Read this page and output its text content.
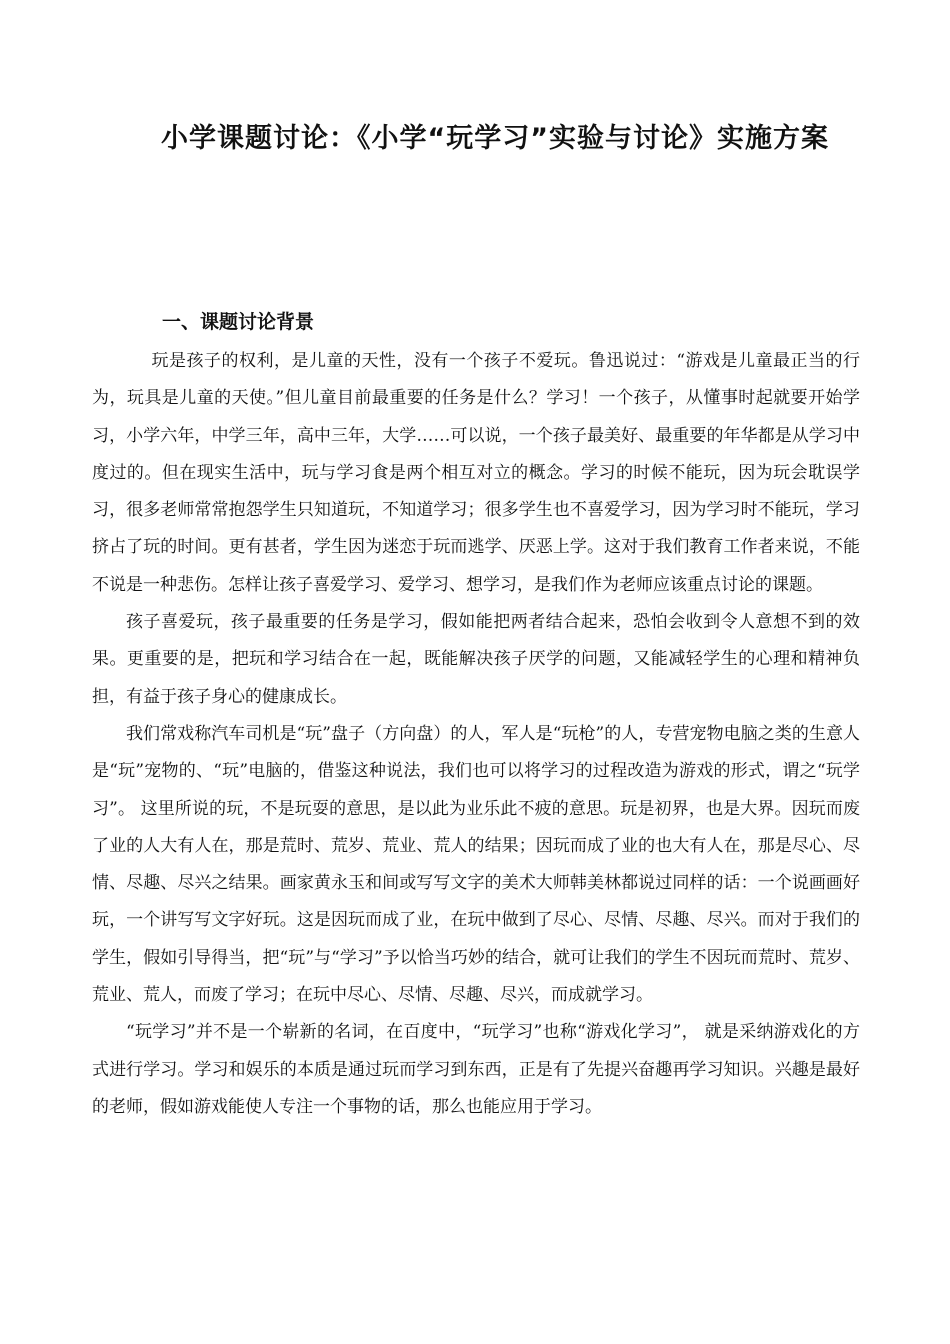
小学课题讨论：《小学“玩学习”实验与讨论》实施方案
一、课题讨论背景

玩是孩子的权利，是儿童的天性，没有一个孩子不爱玩。鲁迅说过：“游戏是儿童最正当的行为，玩具是儿童的天使。”但儿童目前最重要的任务是什么？学习！一个孩子，从懂事时起就要开始学习，小学六年，中学三年，高中三年，大学……可以说，一个孩子最美好、最重要的年华都是从学习中度过的。但在现实生活中，玩与学习食是两个相互对立的概念。学习的时候不能玩，因为玩会耽误学习，很多老师常常抱怨学生只知道玩，不知道学习；很多学生也不喜爱学习，因为学习时不能玩，学习挤占了玩的时间。更有甚者，学生因为迷恋于玩而逃学、厌恶上学。这对于我们教育工作者来说，不能不说是一种悲伤。怎样让孩子喜爱学习、爱学习、想学习，是我们作为老师应该重点讨论的课题。

孩子喜爱玩，孩子最重要的任务是学习，假如能把两者结合起来，恐怕会收到令人意想不到的效果。更重要的是，把玩和学习结合在一起，既能解决孩子厌学的问题，又能减轻学生的心理和精神负担，有益于孩子身心的健康成长。

我们常戏称汽车司机是“玩”盘子（方向盘）的人，军人是“玩枪”的人，专营宠物电脑之类的生意人是“玩”宠物的、“玩”电脑的，借鉴这种说法，我们也可以将学习的过程改造为游戏的形式，谓之“玩学习”。 这里所说的玩，不是玩耍的意思，是以此为业乐此不疲的意思。玩是初界，也是大界。因玩而废了业的人大有人在，那是荒时、荒岁、荒业、荒人的结果；因玩而成了业的也大有人在，那是尽心、尽情、尽趣、尽兴之结果。画家黄永玉和间或写写文字的美术大师韩美林都说过同样的话：一个说画画好玩，一个讲写写文字好玩。这是因玩而成了业，在玩中做到了尽心、尽情、尽趣、尽兴。而对于我们的学生，假如引导得当，把“玩”与“学习”予以恰当巧妙的结合，就可让我们的学生不因玩而荒时、荒岁、荒业、荒人，而废了学习；在玩中尽心、尽情、尽趣、尽兴，而成就学习。

“玩学习”并不是一个崭新的名词，在百度中，“玩学习”也称“游戏化学习”， 就是采纳游戏化的方式进行学习。学习和娱乐的本质是通过玩而学习到东西，正是有了先提兴奋趣再学习知识。兴趣是最好的老师，假如游戏能使人专注一个事物的话，那么也能应用于学习。
